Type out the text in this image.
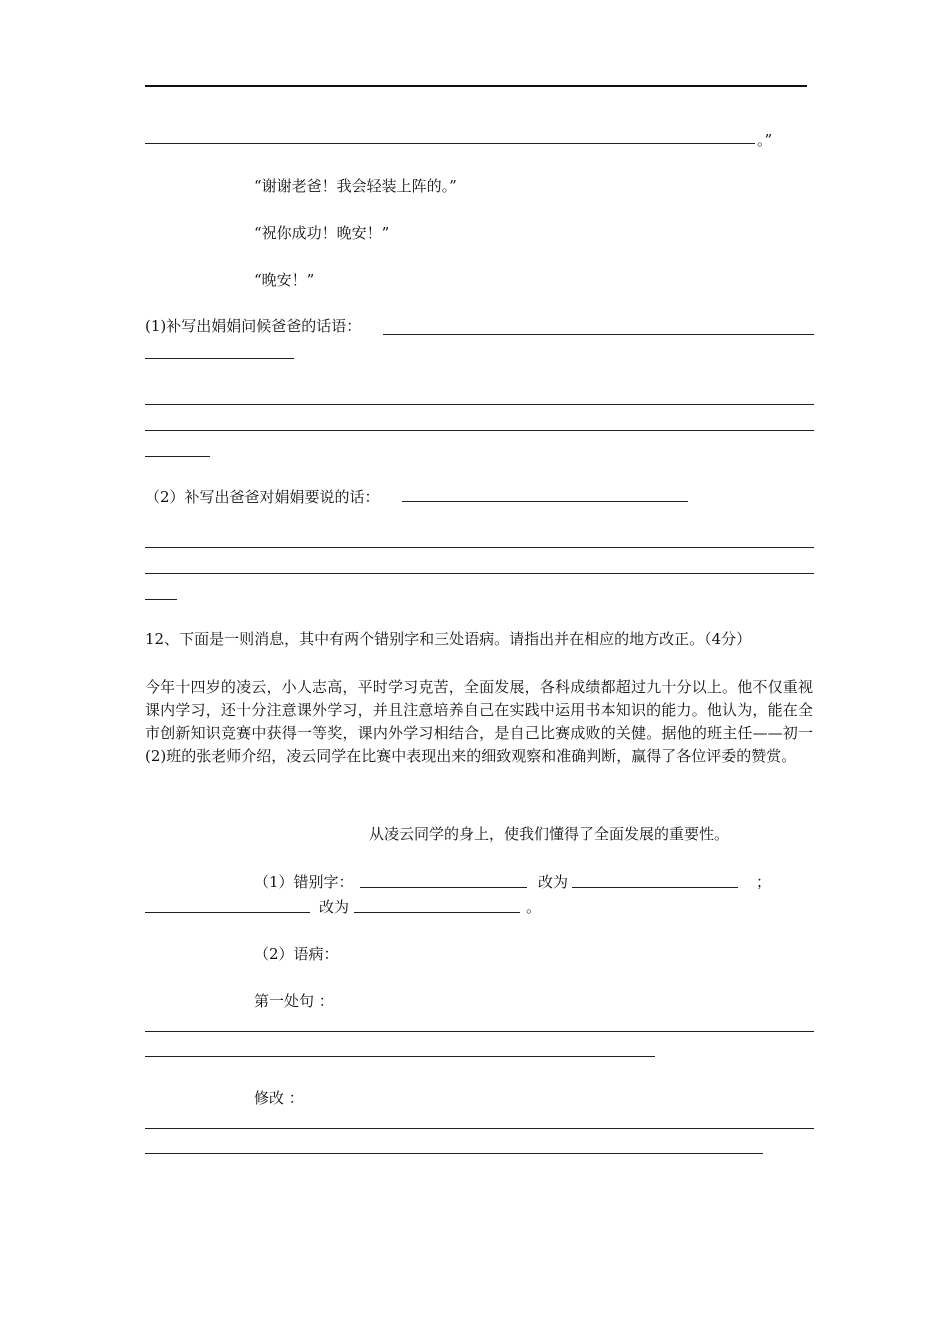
。”
“谢谢老爸！我会轻装上阵的。”
“祝你成功！晚安！”
“晚安！”
(1)补写出娟娟问候爸爸的话语：
（2）补写出爸爸对娟娟要说的话：
12、下面是一则消息，其中有两个错别字和三处语病。请指出并在相应的地方改正。（4分）
今年十四岁的凌云，小人志高，平时学习克苦，全面发展，各科成绩都超过九十分以上。他不仅重视课内学习，还十分注意课外学习，并且注意培养自己在实践中运用书本知识的能力。他认为，能在全市创新知识竞赛中获得一等奖，课内外学习相结合，是自己比赛成败的关健。据他的班主任——初一(2)班的张老师介绍，凌云同学在比赛中表现出来的细致观察和准确判断，赢得了各位评委的赞赏。
从凌云同学的身上，使我们懂得了全面发展的重要性。
（1）错别字：	改为	；
改为	。
（2）语病：
第一处句 ：
修改 ：
